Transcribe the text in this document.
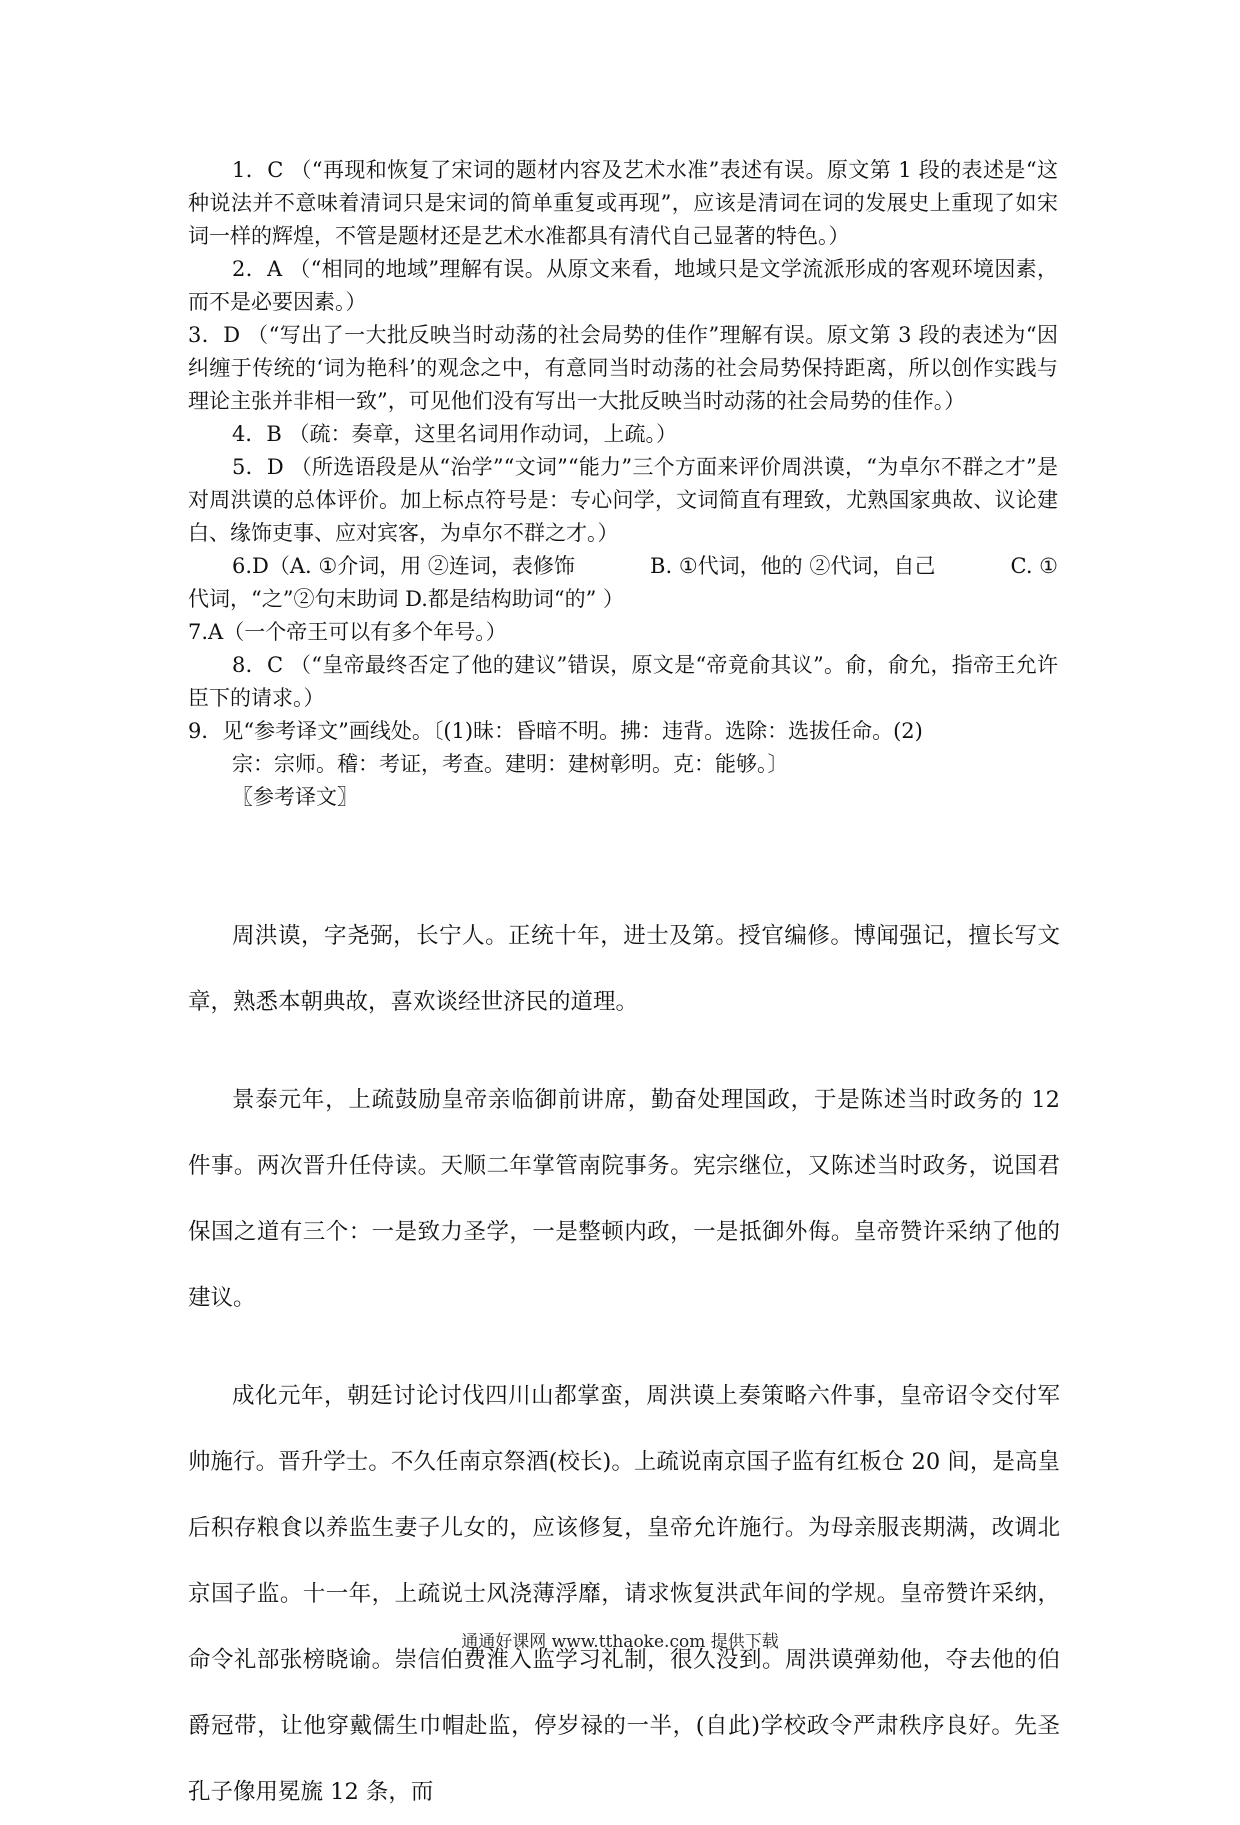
1．C （“再现和恢复了宋词的题材内容及艺术水准”表述有误。原文第 1 段的表述是“这种说法并不意味着清词只是宋词的简单重复或再现”，应该是清词在词的发展史上重现了如宋词一样的辉煌，不管是题材还是艺术水准都具有清代自己显著的特色。）

2．A （“相同的地域”理解有误。从原文来看，地域只是文学流派形成的客观环境因素，而不是必要因素。）

3．D （“写出了一大批反映当时动荡的社会局势的佳作”理解有误。原文第 3 段的表述为“因纠缠于传统的‘词为艳科’的观念之中，有意同当时动荡的社会局势保持距离，所以创作实践与理论主张并非相一致”，可见他们没有写出一大批反映当时动荡的社会局势的佳作。）

4．B （疏：奏章，这里名词用作动词，上疏。）

5．D （所选语段是从“治学”“文词”“能力”三个方面来评价周洪谟，“为卓尔不群之才”是对周洪谟的总体评价。加上标点符号是：专心问学，文词简直有理致，尤熟国家典故、议论建白、缘饰吏事、应对宾客，为卓尔不群之才。）

6.D（A. ①介词，用 ②连词，表修饰	B. ①代词，他的 ②代词，自己	C. ①

代词，“之”②句末助词 D.都是结构助词“的” ）

7.A（一个帝王可以有多个年号。）

8．C （“皇帝最终否定了他的建议”错误，原文是“帝竟俞其议”。俞，俞允，指帝王允许臣下的请求。）

9．见“参考译文”画线处。〔(1)昧：昏暗不明。拂：违背。选除：选拔任命。(2)

宗：宗师。稽：考证，考查。建明：建树彰明。克：能够。〕

〖参考译文〗

周洪谟，字尧弼，长宁人。正统十年，进士及第。授官编修。博闻强记，擅长写文章，熟悉本朝典故，喜欢谈经世济民的道理。

景泰元年，上疏鼓励皇帝亲临御前讲席，勤奋处理国政，于是陈述当时政务的 12 件事。两次晋升任侍读。天顺二年掌管南院事务。宪宗继位，又陈述当时政务，说国君保国之道有三个：一是致力圣学，一是整顿内政，一是抵御外侮。皇帝赞许采纳了他的建议。

成化元年，朝廷讨论讨伐四川山都掌蛮，周洪谟上奏策略六件事，皇帝诏令交付军帅施行。晋升学士。不久任南京祭酒(校长)。上疏说南京国子监有红板仓 20 间，是高皇后积存粮食以养监生妻子儿女的，应该修复，皇帝允许施行。为母亲服丧期满，改调北京国子监。十一年，上疏说士风浇薄浮靡，请求恢复洪武年间的学规。皇帝赞许采纳，命令礼部张榜晓谕。崇信伯费淮入监学习礼制，很久没到。周洪谟弹劾他，夺去他的伯爵冠带，让他穿戴儒生巾帽赴监，停岁禄的一半，(自此)学校政令严肃秩序良好。先圣孔子像用冕旒 12 条，而

通通好课网 www.tthaoke.com 提供下载
